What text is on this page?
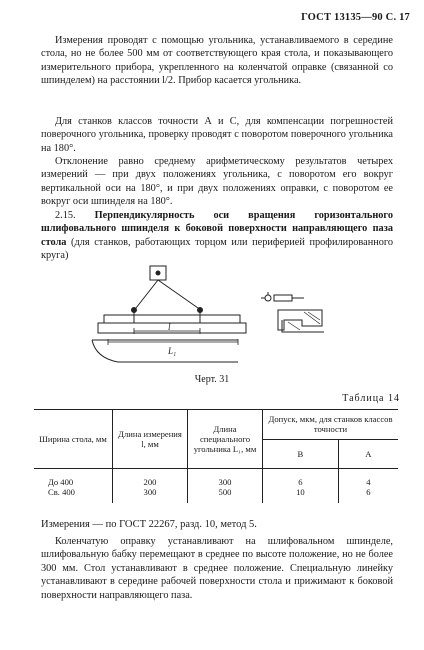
ГОСТ 13135—90 С. 17

Измерения проводят с помощью угольника, устанавливаемого в середине стола, но не более 500 мм от соответствующего края стола, и показывающего измерительного прибора, укрепленного на коленчатой оправке (связанной со шпинделем) на расстоянии l/2. Прибор касается угольника.

Для станков классов точности А и С, для компенсации погрешностей поверочного угольника, проверку проводят с поворотом поверочного угольника на 180°.

Отклонение равно среднему арифметическому результатов четырех измерений — при двух положениях угольника, с поворотом его вокруг вертикальной оси на 180°, и при двух положениях оправки, с поворотом ее вокруг оси шпинделя на 180°.

2.15. Перпендикулярность оси вращения горизонтального шлифовального шпинделя к боковой поверхности направляющего паза стола (для станков, работающих торцом или периферией профилированного круга)

l
L₁
Черт. 31
Таблица 14
Ширина стола, мм	Длина измерения l, мм	Длина специального угольника L₁, мм	Допуск, мкм, для станков классов точности	
			В	А
До 400	200	300	6	4
Св. 400	300	500	10	6
Измерения — по ГОСТ 22267, разд. 10, метод 5.

Коленчатую оправку устанавливают на шлифовальном шпинделе, шлифовальную бабку перемещают в среднее по высоте положение, но не более 300 мм. Стол устанавливают в среднее положение. Специальную линейку устанавливают в середине рабочей поверхности стола и прижимают к боковой поверхности направляющего паза.
